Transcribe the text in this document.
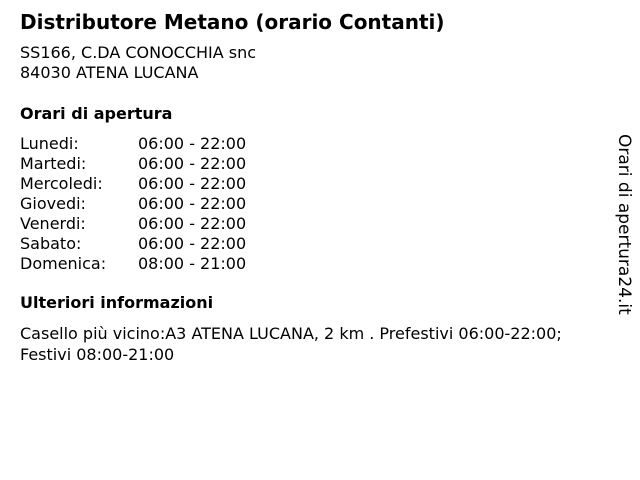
Distributore Metano (orario Contanti)
SS166, C.DA CONOCCHIA snc
84030 ATENA LUCANA
Orari di apertura
Lunedi:	06:00 - 22:00
Martedi:	06:00 - 22:00
Mercoledi: 06:00 - 22:00
Giovedi:	06:00 - 22:00
Venerdi:	06:00 - 22:00
Sabato:	06:00 - 22:00
Domenica: 08:00 - 21:00
Ulteriori informazioni
Casello più vicino:A3 ATENA LUCANA, 2 km . Prefestivi 06:00-22:00;
Festivi 08:00-21:00
Orari di apertura24.it
